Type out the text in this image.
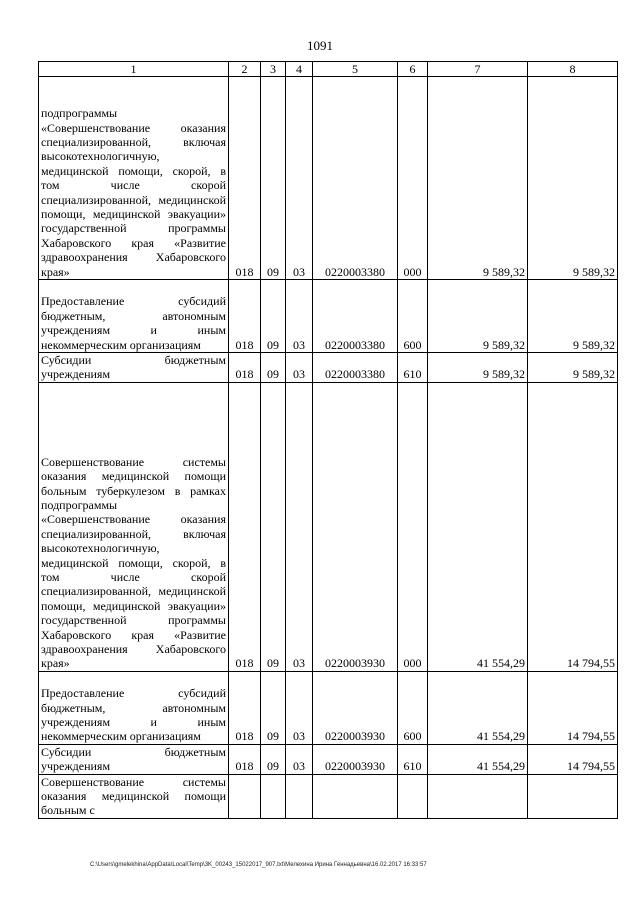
1091
1	2	3	4	5	6	7	8
подпрограммы «Совершенствование оказания специализированной, включая высокотехнологичную, медицинской помощи, скорой, в том числе скорой специализированной, медицинской помощи, медицинской эвакуации» государственной программы Хабаровского края «Развитие здравоохранения Хабаровского края»	018	09	03	0220003380	000	9 589,32	9 589,32
Предоставление субсидий бюджетным, автономным учреждениям и иным некоммерческим организациям	018	09	03	0220003380	600	9 589,32	9 589,32
Субсидии бюджетным учреждениям	018	09	03	0220003380	610	9 589,32	9 589,32
Совершенствование системы оказания медицинской помощи больным туберкулезом в рамках подпрограммы «Совершенствование оказания специализированной, включая высокотехнологичную, медицинской помощи, скорой, в том числе скорой специализированной, медицинской помощи, медицинской эвакуации» государственной программы Хабаровского края «Развитие здравоохранения Хабаровского края»	018	09	03	0220003930	000	41 554,29	14 794,55
Предоставление субсидий бюджетным, автономным учреждениям и иным некоммерческим организациям	018	09	03	0220003930	600	41 554,29	14 794,55
Субсидии бюджетным учреждениям	018	09	03	0220003930	610	41 554,29	14 794,55
Совершенствование системы оказания медицинской помощи больным с							
C:\Users\gmelekhina\AppData\Local\Temp\3K_00243_15022017_907.txt\Мелехина Ирина Геннадьевна\16.02.2017 16:33:57
